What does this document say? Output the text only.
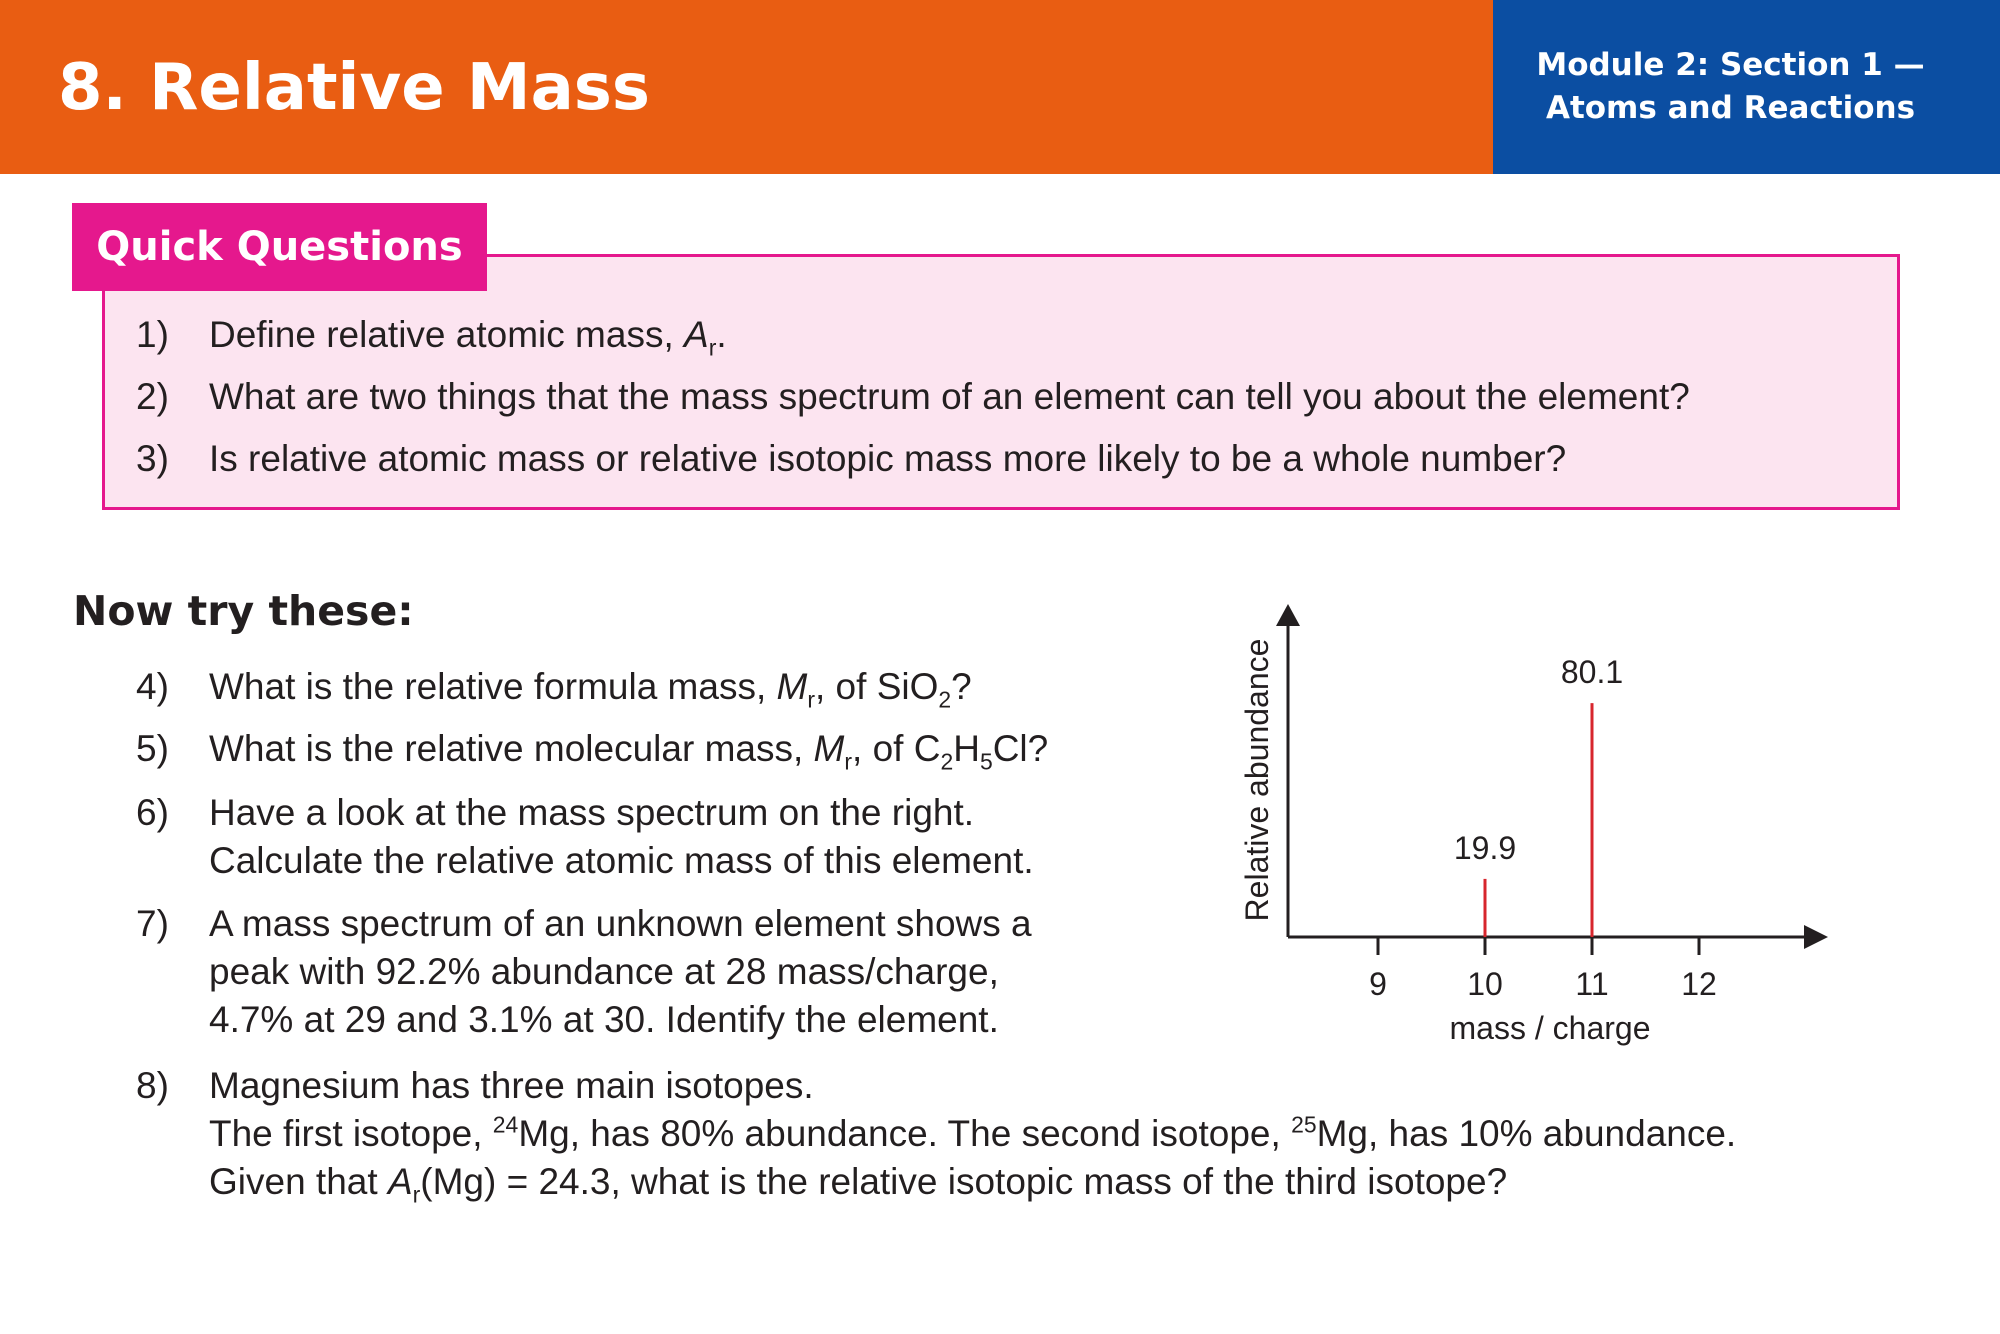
8. Relative Mass	Module 2: Section 1 —
Atoms and Reactions
Quick Questions
1) Define relative atomic mass, $A_r$.
2) What are two things that the mass spectrum of an element can tell you about the element?
3) Is relative atomic mass or relative isotopic mass more likely to be a whole number?
Now try these:
4) What is the relative formula mass, $M_r$, of SiO$_2$?
5) What is the relative molecular mass, $M_r$, of $C_2H_5Cl$?
6) Have a look at the mass spectrum on the right.
Calculate the relative atomic mass of this element.
7) A mass spectrum of an unknown element shows a
peak with 92.2% abundance at 28 mass/charge,
4.7% at 29 and 3.1% at 30. Identify the element.
8) Magnesium has three main isotopes.
The first isotope, $^{24}$Mg, has 80% abundance. The second isotope, $^{25}$Mg, has 10% abundance.
Given that $A_r(Mg) = 24.3$, what is the relative isotopic mass of the third isotope?
9	10 11 12
19.9
80.1
Relative abundance
mass / charge
